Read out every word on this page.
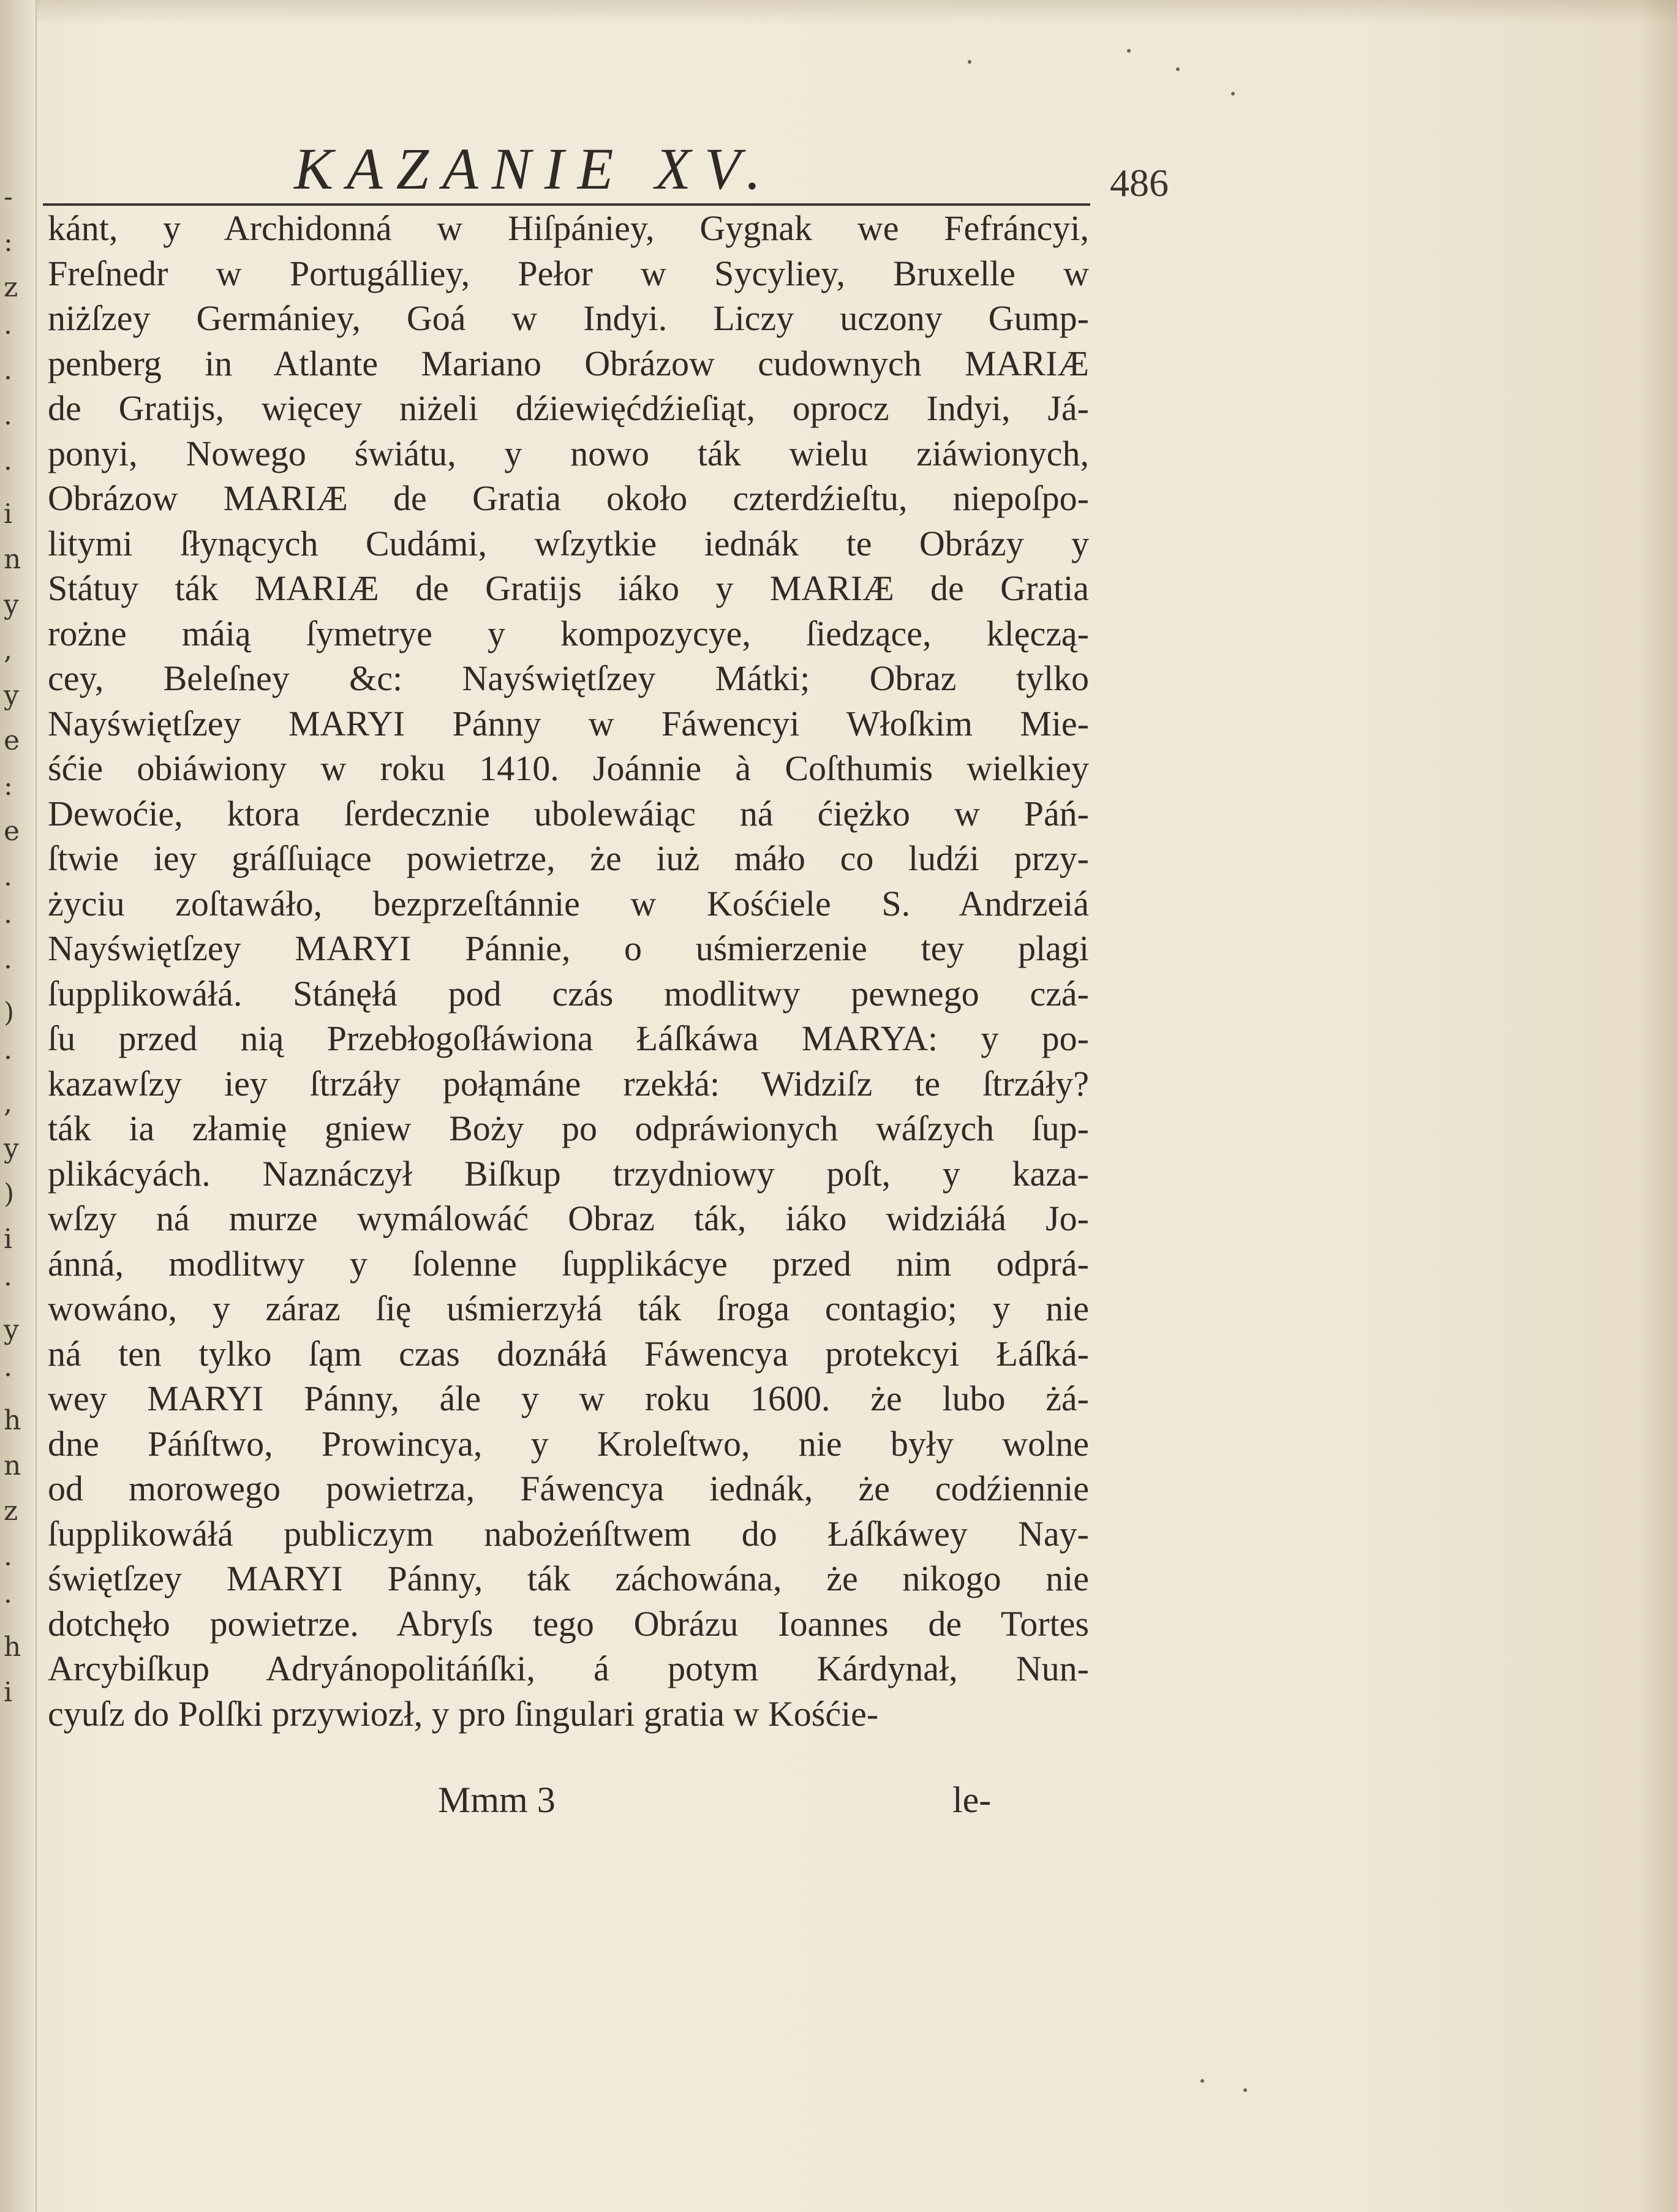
-
:
z
·
·
·
·
i
n
y
,
y
e
:
e
.
·
·
)
·
,
y
)
i
·
y
·
h
n
z
.
·
h
i
KAZANIE XV.	486
kánt, y Archidonná w Hiſpániey, Gygnak we Fefráncyi,
Freſnedr w Portugálliey, Pełor w Sycyliey, Bruxelle w
niżſzey Germániey, Goá w Indyi. Liczy uczony Gump-
penberg in Atlante Mariano Obrázow cudownych MARIÆ
de Gratijs, więcey niżeli dźiewięćdźieſiąt, oprocz Indyi, Já-
ponyi, Nowego świátu, y nowo ták wielu ziáwionych,
Obrázow MARIÆ de Gratia około czterdźieſtu, niepoſpo-
litymi ſłynących Cudámi, wſzytkie iednák te Obrázy y
Státuy ták MARIÆ de Gratijs iáko y MARIÆ de Gratia
rożne máią ſymetrye y kompozycye, ſiedzące, klęczą-
cey, Beleſney &c: Nayświętſzey Mátki; Obraz tylko
Nayświętſzey MARYI Pánny w Fáwencyi Włoſkim Mie-
śćie obiáwiony w roku 1410. Joánnie à Coſthumis wielkiey
Dewoćie, ktora ſerdecznie ubolewáiąc ná ćiężko w Páń-
ſtwie iey gráſſuiące powietrze, że iuż máło co ludźi przy-
życiu zoſtawáło, bezprzeſtánnie w Kośćiele S. Andrzeiá
Nayświętſzey MARYI Pánnie, o uśmierzenie tey plagi
ſupplikowáłá. Stánęłá pod czás modlitwy pewnego czá-
ſu przed nią Przebłogoſłáwiona Łáſkáwa MARYA: y po-
kazawſzy iey ſtrzáły połąmáne rzekłá: Widziſz te ſtrzáły?
ták ia złamię gniew Boży po odpráwionych wáſzych ſup-
plikácyách. Naznáczył Biſkup trzydniowy poſt, y kaza-
wſzy ná murze wymálowáć Obraz ták, iáko widziáłá Jo-
ánná, modlitwy y ſolenne ſupplikácye przed nim odprá-
wowáno, y záraz ſię uśmierzyłá ták ſroga contagio; y nie
ná ten tylko ſąm czas doznáłá Fáwencya protekcyi Łáſká-
wey MARYI Pánny, ále y w roku 1600. że lubo żá-
dne Páńſtwo, Prowincya, y Kroleſtwo, nie były wolne
od morowego powietrza, Fáwencya iednák, że codźiennie
ſupplikowáłá publiczym nabożeńſtwem do Łáſkáwey Nay-
świętſzey MARYI Pánny, ták záchowána, że nikogo nie
dotchęło powietrze. Abryſs tego Obrázu Ioannes de Tortes
Arcybiſkup Adryánopolitáńſki, á potym Kárdynał, Nun-
cyuſz do Polſki przywiozł, y pro ſingulari gratia w Kośćie-
Mmm 3	le-
